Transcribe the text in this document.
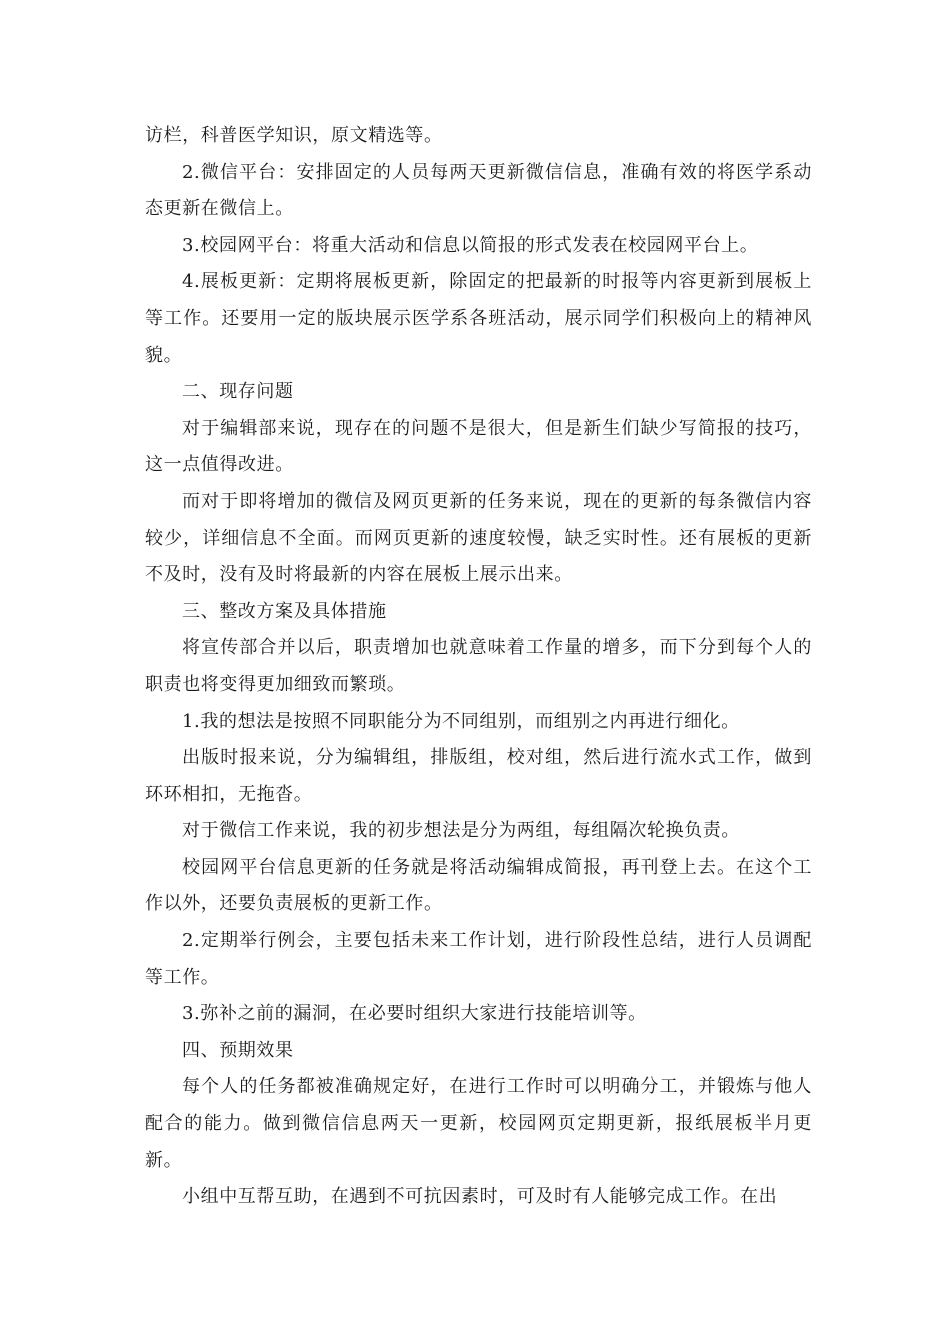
访栏，科普医学知识，原文精选等。

2.微信平台：安排固定的人员每两天更新微信信息，准确有效的将医学系动态更新在微信上。

3.校园网平台：将重大活动和信息以简报的形式发表在校园网平台上。

4.展板更新：定期将展板更新，除固定的把最新的时报等内容更新到展板上等工作。还要用一定的版块展示医学系各班活动，展示同学们积极向上的精神风貌。

二、现存问题

对于编辑部来说，现存在的问题不是很大，但是新生们缺少写简报的技巧，这一点值得改进。

而对于即将增加的微信及网页更新的任务来说，现在的更新的每条微信内容较少，详细信息不全面。而网页更新的速度较慢，缺乏实时性。还有展板的更新不及时，没有及时将最新的内容在展板上展示出来。

三、整改方案及具体措施

将宣传部合并以后，职责增加也就意味着工作量的增多，而下分到每个人的职责也将变得更加细致而繁琐。

1.我的想法是按照不同职能分为不同组别，而组别之内再进行细化。

出版时报来说，分为编辑组，排版组，校对组，然后进行流水式工作，做到环环相扣，无拖沓。

对于微信工作来说，我的初步想法是分为两组，每组隔次轮换负责。

校园网平台信息更新的任务就是将活动编辑成简报，再刊登上去。在这个工作以外，还要负责展板的更新工作。

2.定期举行例会，主要包括未来工作计划，进行阶段性总结，进行人员调配等工作。

3.弥补之前的漏洞，在必要时组织大家进行技能培训等。

四、预期效果

每个人的任务都被准确规定好，在进行工作时可以明确分工，并锻炼与他人配合的能力。做到微信信息两天一更新，校园网页定期更新，报纸展板半月更新。

小组中互帮互助，在遇到不可抗因素时，可及时有人能够完成工作。在出
